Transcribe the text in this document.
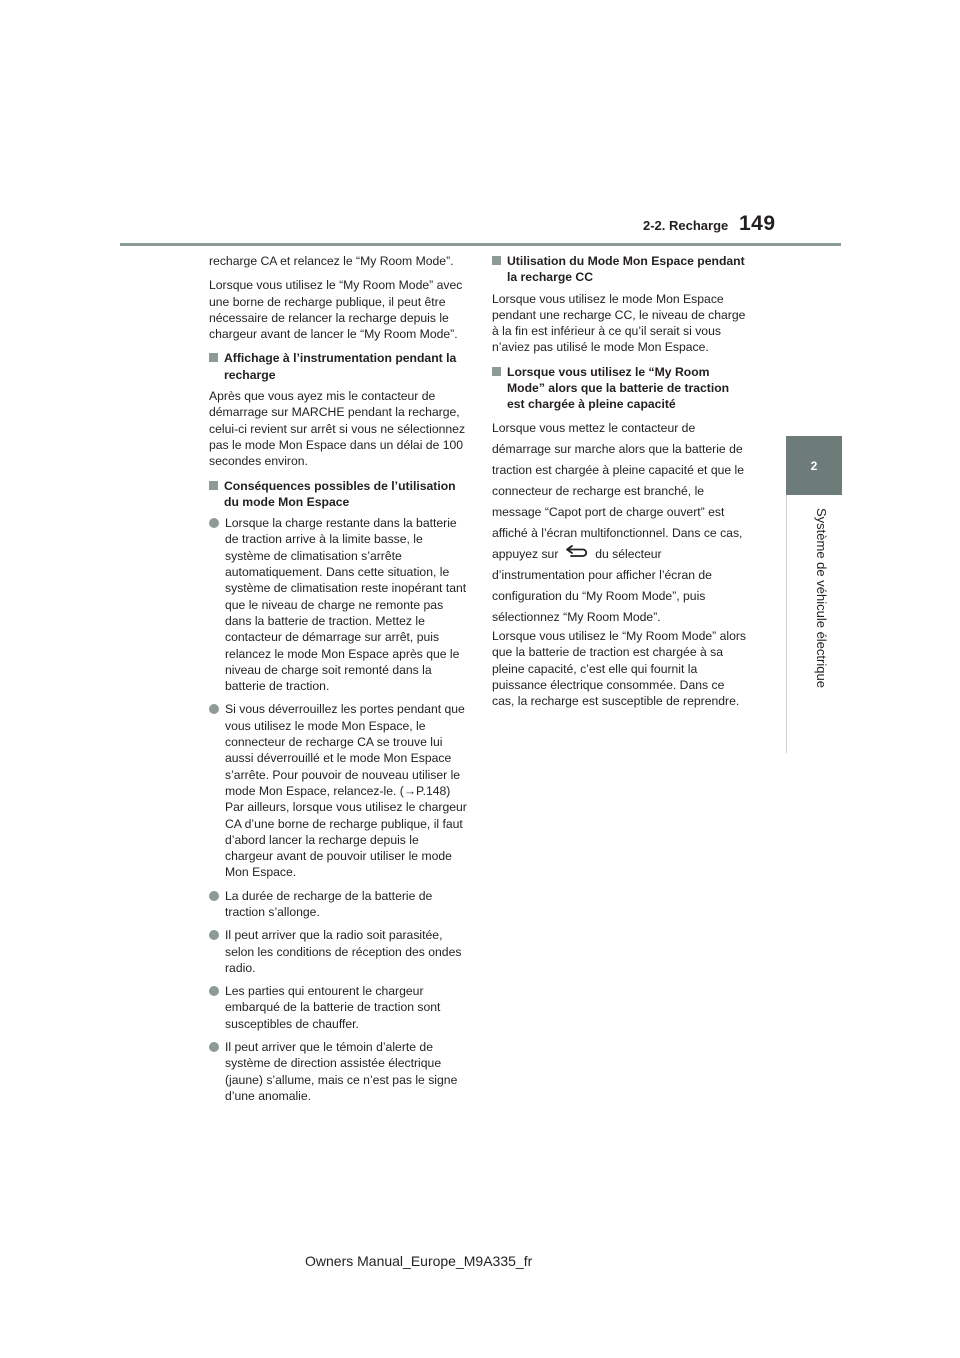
2-2. Recharge 149
2
Système de véhicule électrique

recharge CA et relancez le “My Room Mode”.

Lorsque vous utilisez le “My Room Mode” avec une borne de recharge publique, il peut être nécessaire de relancer la recharge depuis le chargeur avant de lancer le “My Room Mode”.

Affichage à l’instrumentation pendant la recharge

Après que vous ayez mis le contacteur de démarrage sur MARCHE pendant la recharge, celui-ci revient sur arrêt si vous ne sélectionnez pas le mode Mon Espace dans un délai de 100 secondes environ.

Conséquences possibles de l’utilisation du mode Mon Espace
Lorsque la charge restante dans la batterie de traction arrive à la limite basse, le système de climatisation s’arrête automatiquement. Dans cette situation, le système de climatisation reste inopérant tant que le niveau de charge ne remonte pas dans la batterie de traction. Mettez le contacteur de démarrage sur arrêt, puis relancez le mode Mon Espace après que le niveau de charge soit remonté dans la batterie de traction.
Si vous déverrouillez les portes pendant que vous utilisez le mode Mon Espace, le connecteur de recharge CA se trouve lui aussi déverrouillé et le mode Mon Espace s’arrête. Pour pouvoir de nouveau utiliser le mode Mon Espace, relancez-le. (→P.148) Par ailleurs, lorsque vous utilisez le chargeur CA d’une borne de recharge publique, il faut d’abord lancer la recharge depuis le chargeur avant de pouvoir utiliser le mode Mon Espace.
La durée de recharge de la batterie de traction s’allonge.
Il peut arriver que la radio soit parasitée, selon les conditions de réception des ondes radio.
Les parties qui entourent le chargeur embarqué de la batterie de traction sont susceptibles de chauffer.
Il peut arriver que le témoin d’alerte de système de direction assistée électrique (jaune) s’allume, mais ce n’est pas le signe d’une anomalie.
Utilisation du Mode Mon Espace pendant la recharge CC

Lorsque vous utilisez le mode Mon Espace pendant une recharge CC, le niveau de charge à la fin est inférieur à ce qu’il serait si vous n’aviez pas utilisé le mode Mon Espace.

Lorsque vous utilisez le “My Room Mode” alors que la batterie de traction est chargée à pleine capacité

Lorsque vous mettez le contacteur de démarrage sur marche alors que la batterie de traction est chargée à pleine capacité et que le connecteur de recharge est branché, le message “Capot port de charge ouvert” est affiché à l’écran multifonctionnel. Dans ce cas, appuyez sur	du sélecteur d’instrumentation pour afficher l’écran de configuration du “My Room Mode”, puis sélectionnez “My Room Mode”.

Lorsque vous utilisez le “My Room Mode” alors que la batterie de traction est chargée à sa pleine capacité, c’est elle qui fournit la puissance électrique consommée. Dans ce cas, la recharge est susceptible de reprendre.

Owners Manual_Europe_M9A335_fr
